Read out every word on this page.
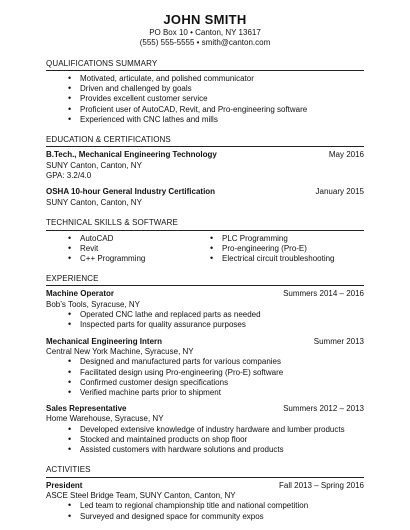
JOHN SMITH
PO Box 10 • Canton, NY 13617
(555) 555-5555 • smith@canton.com
QUALIFICATIONS SUMMARY
• Motivated, articulate, and polished communicator
• Driven and challenged by goals
• Provides excellent customer service
• Proficient user of AutoCAD, Revit, and Pro-engineering software
• Experienced with CNC lathes and mills
EDUCATION & CERTIFICATIONS
B.Tech., Mechanical Engineering Technology	May 2016
SUNY Canton, Canton, NY
GPA: 3.2/4.0
OSHA 10-hour General Industry Certification	January 2015
SUNY Canton, Canton, NY
TECHNICAL SKILLS & SOFTWARE
• AutoCAD
• Revit
• C++ Programming
• PLC Programming
• Pro-engineering (Pro-E)
• Electrical circuit troubleshooting
EXPERIENCE
Machine Operator	Summers 2014 – 2016
Bob’s Tools, Syracuse, NY
• Operated CNC lathe and replaced parts as needed
• Inspected parts for quality assurance purposes
Mechanical Engineering Intern	Summer 2013
Central New York Machine, Syracuse, NY
• Designed and manufactured parts for various companies
• Facilitated design using Pro-engineering (Pro-E) software
• Confirmed customer design specifications
• Verified machine parts prior to shipment
Sales Representative	Summers 2012 – 2013
Home Warehouse, Syracuse, NY
• Developed extensive knowledge of industry hardware and lumber products
• Stocked and maintained products on shop floor
• Assisted customers with hardware solutions and products
ACTIVITIES
President	Fall 2013 – Spring 2016
ASCE Steel Bridge Team, SUNY Canton, Canton, NY
• Led team to regional championship title and national competition
• Surveyed and designed space for community expos
